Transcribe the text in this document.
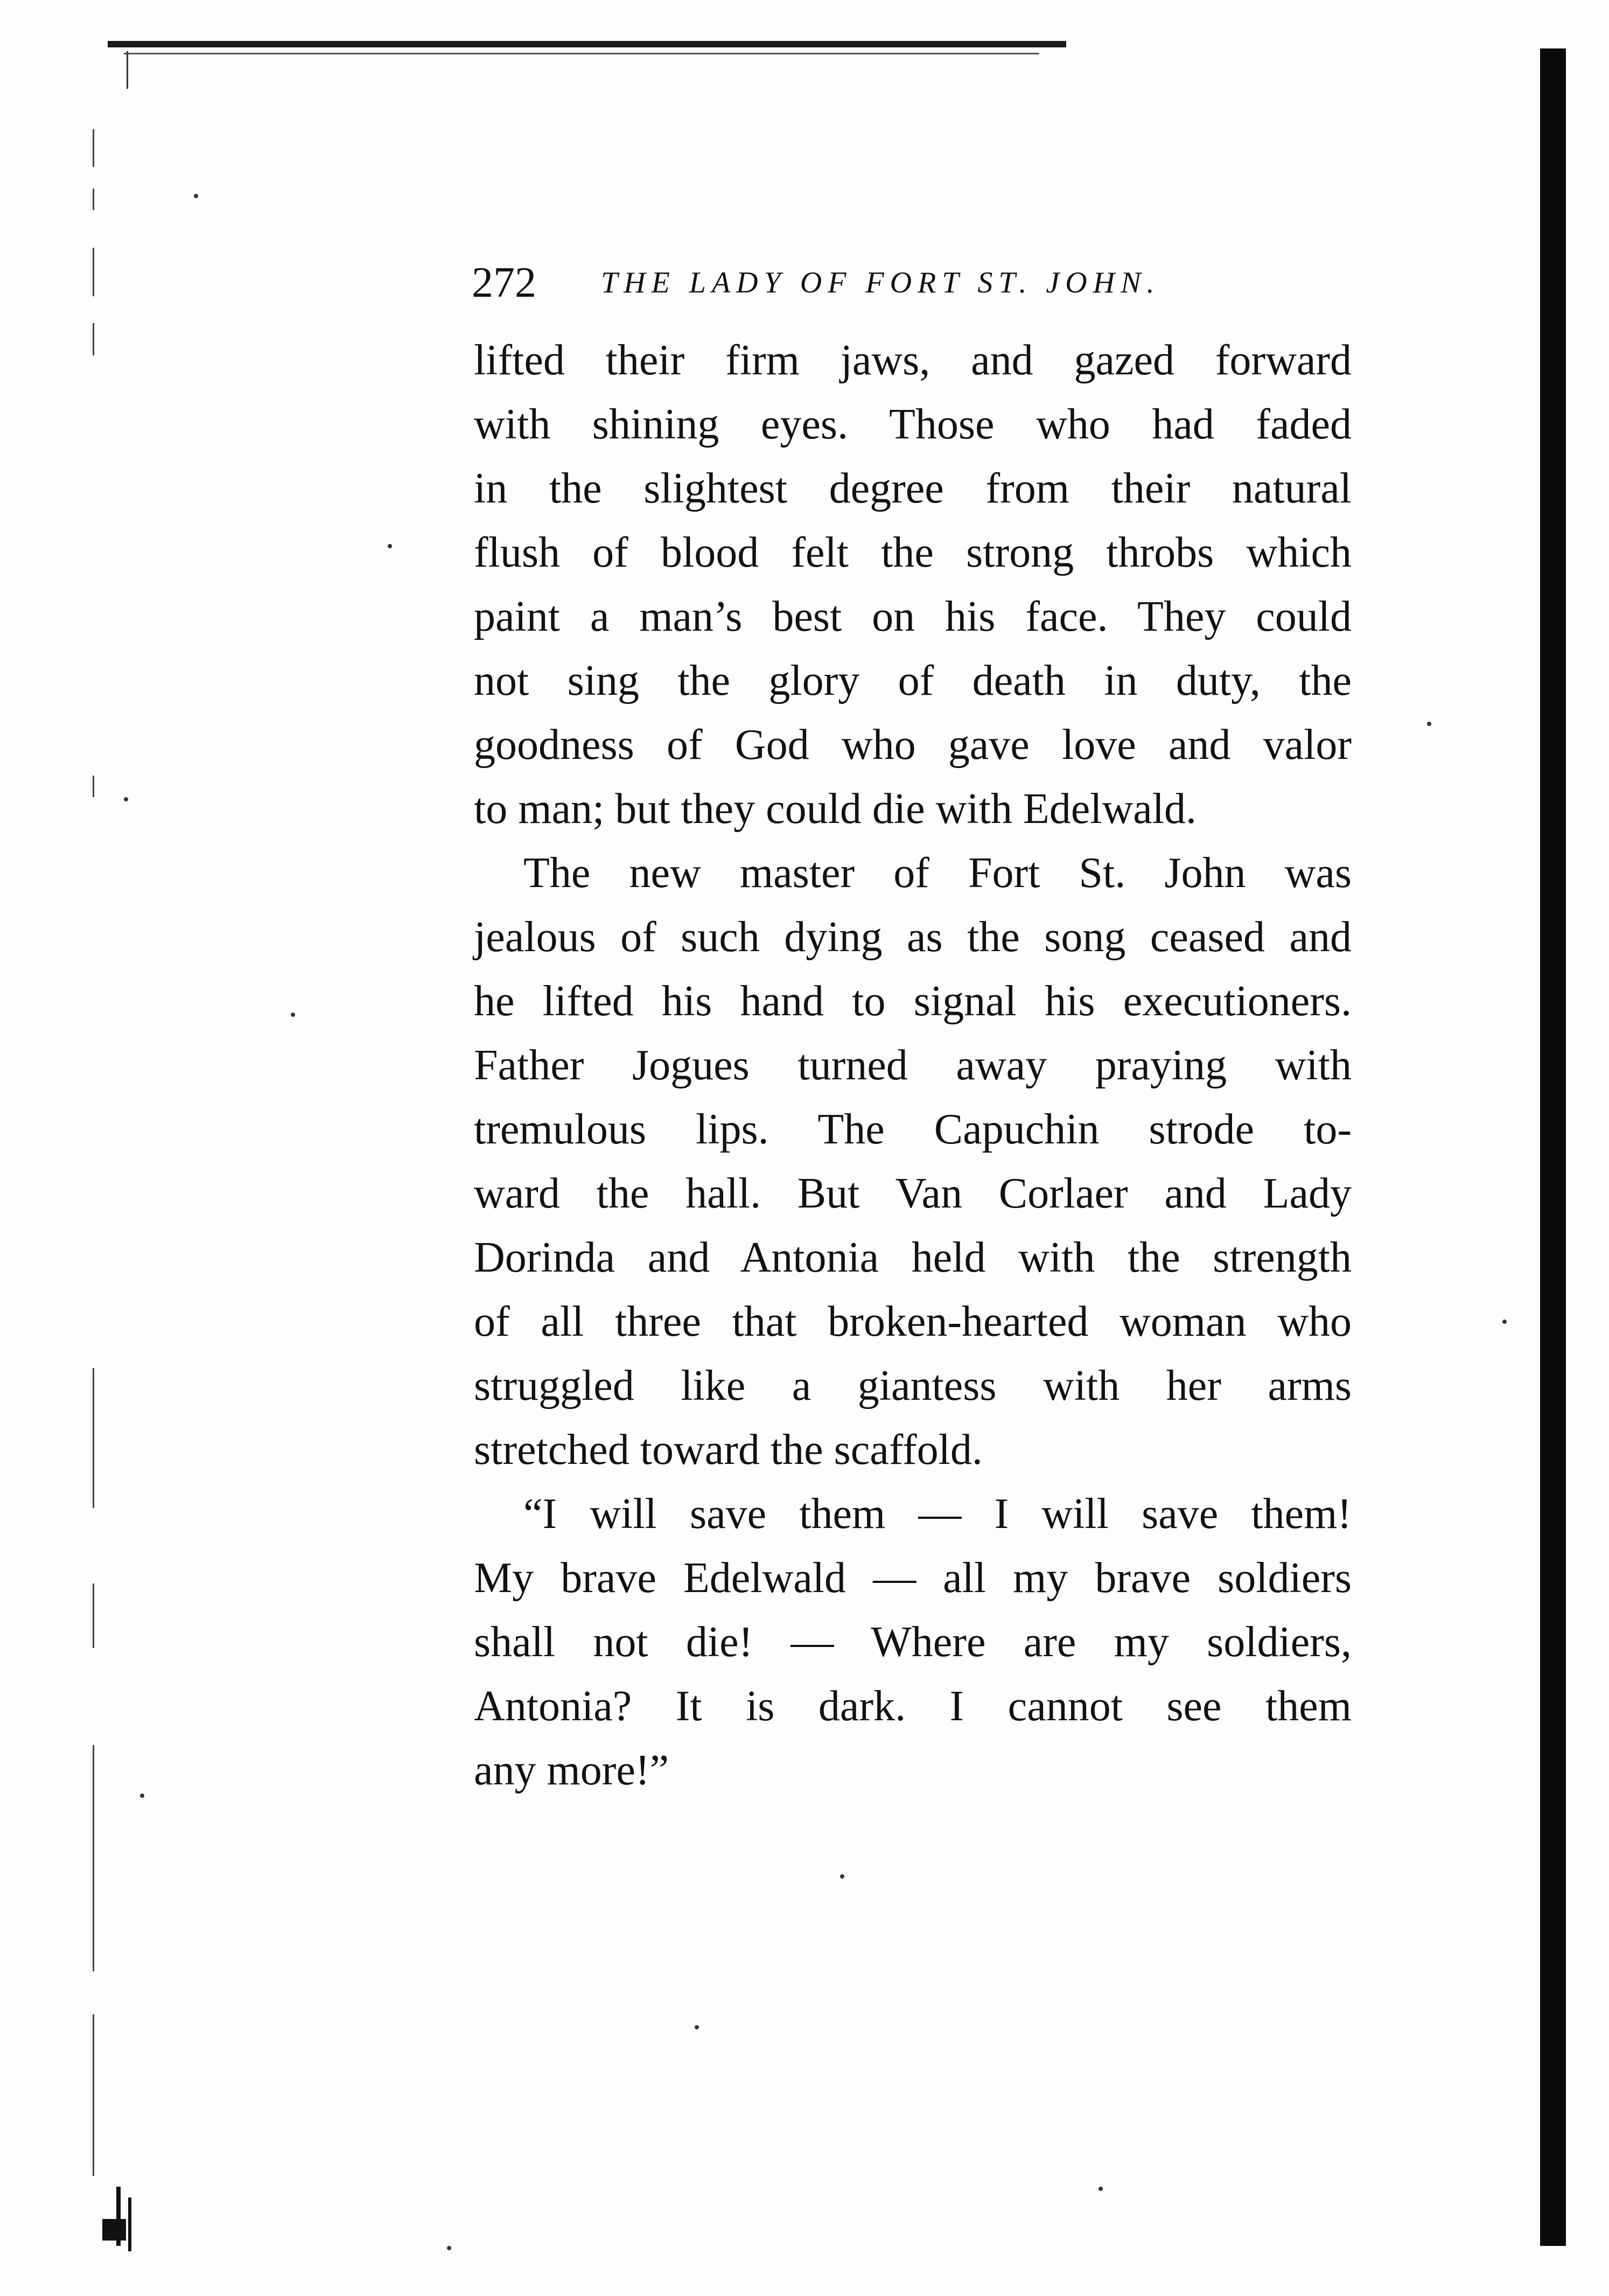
272 THE LADY OF FORT ST. JOHN.
lifted their firm jaws, and gazed forward
with shining eyes. Those who had faded
in the slightest degree from their natural
flush of blood felt the strong throbs which
paint a man’s best on his face. They could
not sing the glory of death in duty, the
goodness of God who gave love and valor
to man; but they could die with Edelwald.
The new master of Fort St. John was
jealous of such dying as the song ceased and
he lifted his hand to signal his executioners.
Father Jogues turned away praying with
tremulous lips. The Capuchin strode to-
ward the hall. But Van Corlaer and Lady
Dorinda and Antonia held with the strength
of all three that broken-hearted woman who
struggled like a giantess with her arms
stretched toward the scaffold.
“I will save them — I will save them!
My brave Edelwald — all my brave soldiers
shall not die! — Where are my soldiers,
Antonia? It is dark. I cannot see them
any more!”
